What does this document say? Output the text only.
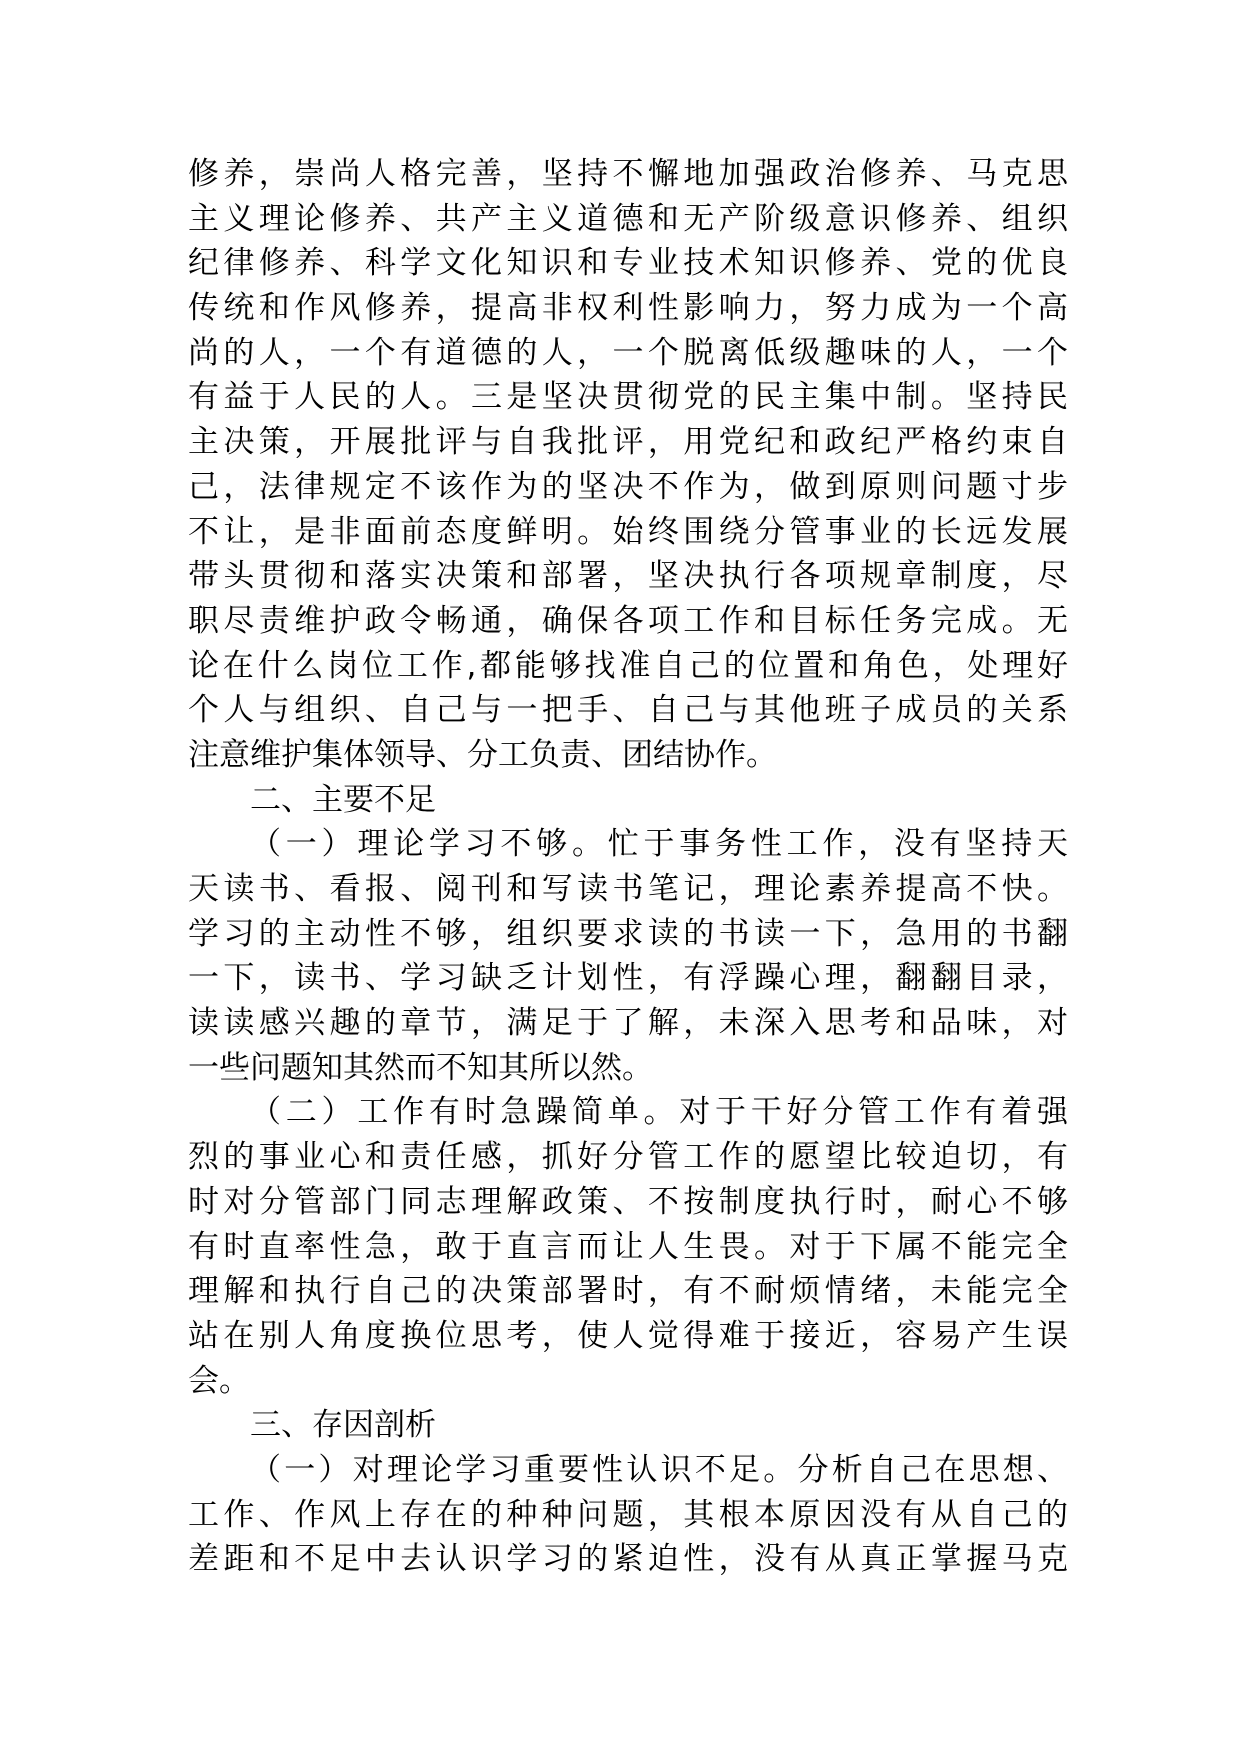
修养，崇尚人格完善，坚持不懈地加强政治修养、马克思
主义理论修养、共产主义道德和无产阶级意识修养、组织
纪律修养、科学文化知识和专业技术知识修养、党的优良
传统和作风修养，提高非权利性影响力，努力成为一个高
尚的人，一个有道德的人，一个脱离低级趣味的人，一个
有益于人民的人。三是坚决贯彻党的民主集中制。坚持民
主决策，开展批评与自我批评，用党纪和政纪严格约束自
己，法律规定不该作为的坚决不作为，做到原则问题寸步
不让，是非面前态度鲜明。始终围绕分管事业的长远发展
带头贯彻和落实决策和部署，坚决执行各项规章制度，尽
职尽责维护政令畅通，确保各项工作和目标任务完成。无
论在什么岗位工作,都能够找准自己的位置和角色，处理好
个人与组织、自己与一把手、自己与其他班子成员的关系
注意维护集体领导、分工负责、团结协作。
二、主要不足
（一）理论学习不够。忙于事务性工作，没有坚持天
天读书、看报、阅刊和写读书笔记，理论素养提高不快。
学习的主动性不够，组织要求读的书读一下，急用的书翻
一下，读书、学习缺乏计划性，有浮躁心理，翻翻目录，
读读感兴趣的章节，满足于了解，未深入思考和品味，对
一些问题知其然而不知其所以然。
（二）工作有时急躁简单。对于干好分管工作有着强
烈的事业心和责任感，抓好分管工作的愿望比较迫切，有
时对分管部门同志理解政策、不按制度执行时，耐心不够
有时直率性急，敢于直言而让人生畏。对于下属不能完全
理解和执行自己的决策部署时，有不耐烦情绪，未能完全
站在别人角度换位思考，使人觉得难于接近，容易产生误
会。
三、存因剖析
（一）对理论学习重要性认识不足。分析自己在思想、
工作、作风上存在的种种问题，其根本原因没有从自己的
差距和不足中去认识学习的紧迫性，没有从真正掌握马克
